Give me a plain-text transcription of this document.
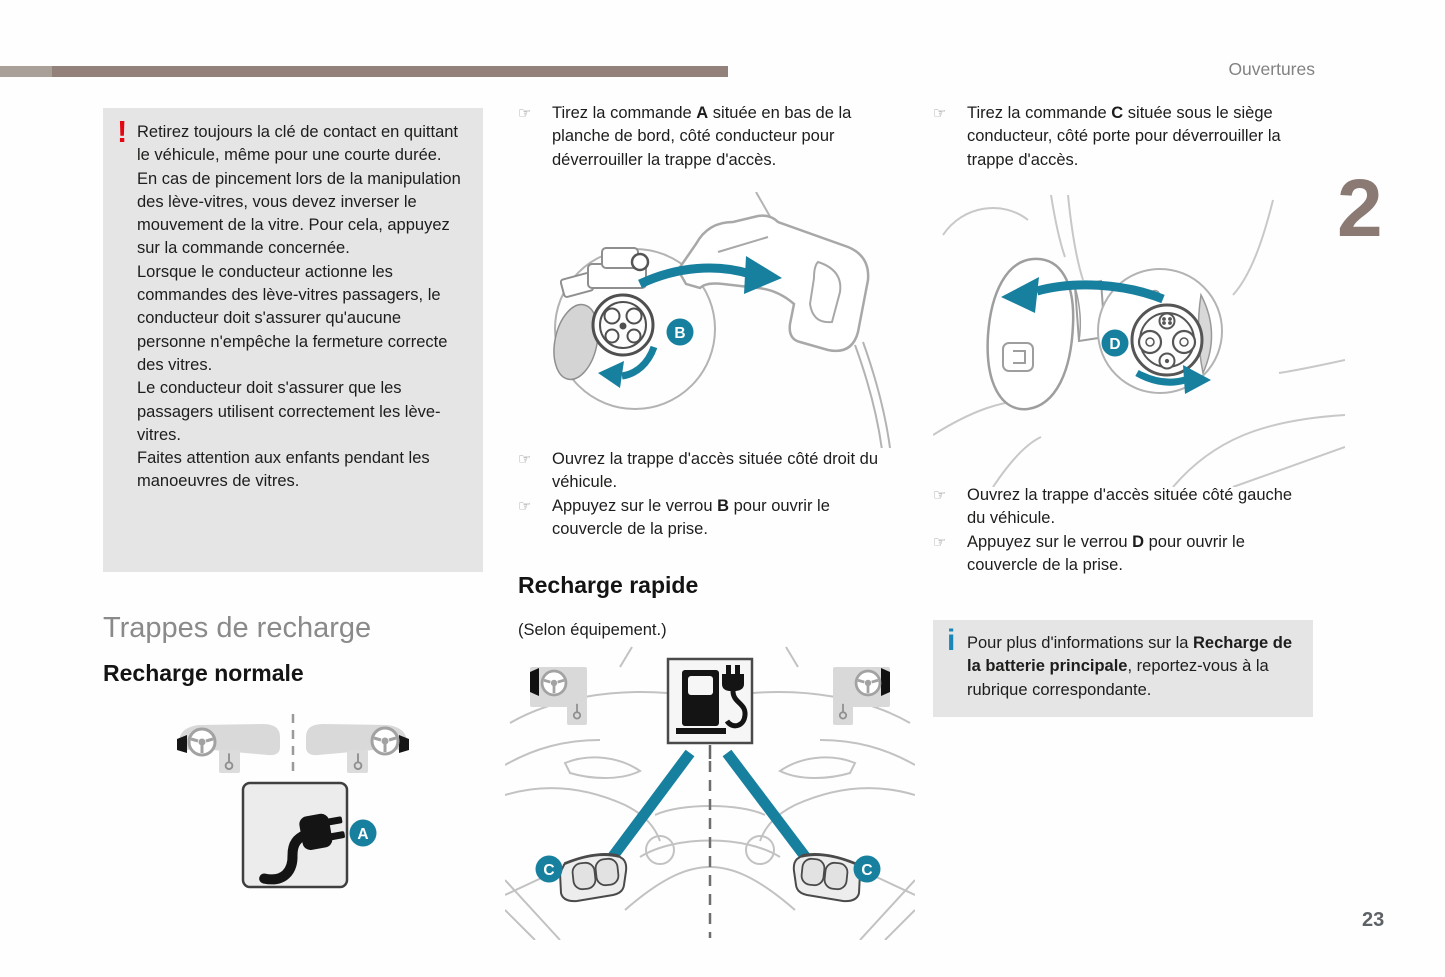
Ouvertures
2
23
! Retirez toujours la clé de contact en quittant le véhicule, même pour une courte durée.

En cas de pincement lors de la manipulation des lève-vitres, vous devez inverser le mouvement de la vitre. Pour cela, appuyez sur la commande concernée.

Lorsque le conducteur actionne les commandes des lève-vitres passagers, le conducteur doit s'assurer qu'aucune personne n'empêche la fermeture correcte des vitres.

Le conducteur doit s'assurer que les passagers utilisent correctement les lève-vitres.

Faites attention aux enfants pendant les manoeuvres de vitres.

Trappes de recharge
Recharge normale
A
☞	Tirez la commande A située en bas de la planche de bord, côté conducteur pour déverrouiller la trappe d'accès.
B
☞	Ouvrez la trappe d'accès située côté droit du véhicule.
☞	Appuyez sur le verrou B pour ouvrir le couvercle de la prise.
Recharge rapide
(Selon équipement.)
C	C
☞	Tirez la commande C située sous le siège conducteur, côté porte pour déverrouiller la trappe d'accès.
D
☞	Ouvrez la trappe d'accès située côté gauche du véhicule.
☞	Appuyez sur le verrou D pour ouvrir le couvercle de la prise.
i Pour plus d'informations sur la Recharge de la batterie principale, reportez-vous à la rubrique correspondante.
